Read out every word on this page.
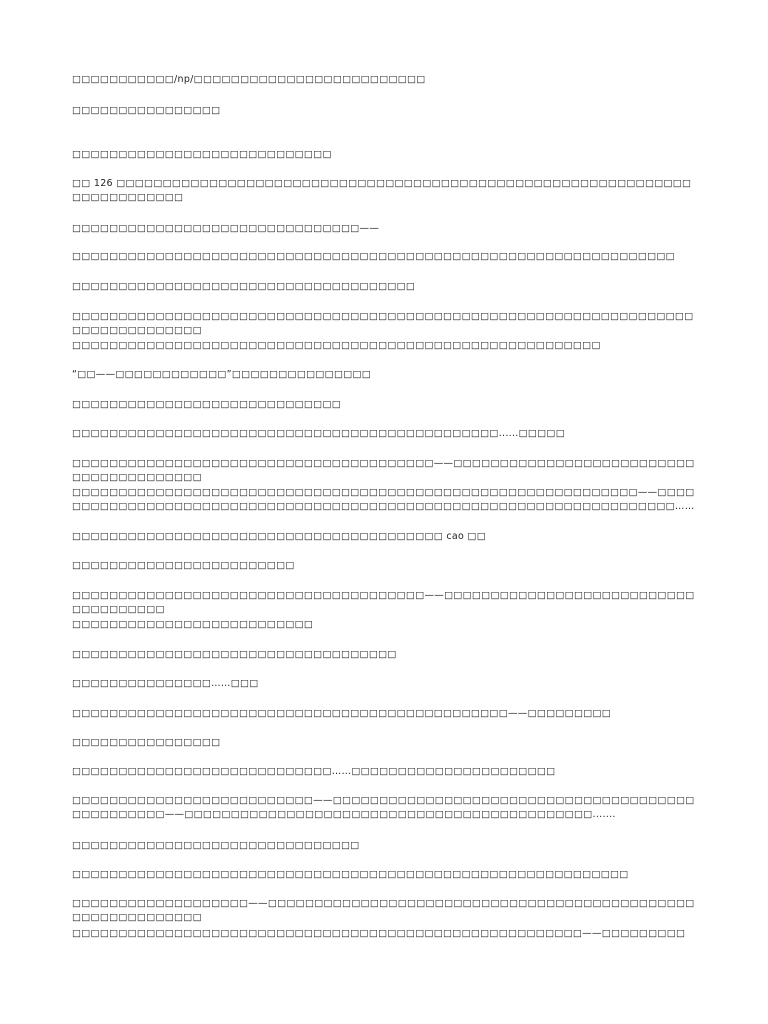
□□□□□□□□□□□/np/□□□□□□□□□□□□□□□□□□□□□□□□□

□□□□□□□□□□□□□□□□

□□□□□□□□□□□□□□□□□□□□□□□□□□□□

□□ 126 □□□□□□□□□□□□□□□□□□□□□□□□□□□□□□□□□□□□□□□□□□□□□□□□□□□□□□□□□□□□□□□□□□□□□□□□□□

□□□□□□□□□□□□□□□□□□□□□□□□□□□□□□□——

□□□□□□□□□□□□□□□□□□□□□□□□□□□□□□□□□□□□□□□□□□□□□□□□□□□□□□□□□□□□□□□□□

□□□□□□□□□□□□□□□□□□□□□□□□□□□□□□□□□□□□□

□□□□□□□□□□□□□□□□□□□□□□□□□□□□□□□□□□□□□□□□□□□□□□□□□□□□□□□□□□□□□□□□□□□□□□□□□□□□□□□□□

□□□□□□□□□□□□□□□□□□□□□□□□□□□□□□□□□□□□□□□□□□□□□□□□□□□□□□□□□

“□□——□□□□□□□□□□□□”□□□□□□□□□□□□□□□

□□□□□□□□□□□□□□□□□□□□□□□□□□□□□

□□□□□□□□□□□□□□□□□□□□□□□□□□□□□□□□□□□□□□□□□□□□□□......□□□□□

□□□□□□□□□□□□□□□□□□□□□□□□□□□□□□□□□□□□□□□——□□□□□□□□□□□□□□□□□□□□□□□□□□□□□□□□□□□□□□□□

□□□□□□□□□□□□□□□□□□□□□□□□□□□□□□□□□□□□□□□□□□□□□□□□□□□□□□□□□□□□□——□□□□□□□□□□□□□□□□□□□□□□□□□□□□□□□□□□□□□□□□□□□□□□□□□□□□□□□□□□□□□□□□□□□□□……

□□□□□□□□□□□□□□□□□□□□□□□□□□□□□□□□□□□□□□□□ cao □□

□□□□□□□□□□□□□□□□□□□□□□□□

□□□□□□□□□□□□□□□□□□□□□□□□□□□□□□□□□□□□□□——□□□□□□□□□□□□□□□□□□□□□□□□□□□□□□□□□□□□□

□□□□□□□□□□□□□□□□□□□□□□□□□□

□□□□□□□□□□□□□□□□□□□□□□□□□□□□□□□□□□□

□□□□□□□□□□□□□□□……□□□

□□□□□□□□□□□□□□□□□□□□□□□□□□□□□□□□□□□□□□□□□□□□□□□——□□□□□□□□□

□□□□□□□□□□□□□□□□

□□□□□□□□□□□□□□□□□□□□□□□□□□□□……□□□□□□□□□□□□□□□□□□□□□□

□□□□□□□□□□□□□□□□□□□□□□□□□□——□□□□□□□□□□□□□□□□□□□□□□□□□□□□□□□□□□□□□□□□□□□□□□□□□——□□□□□□□□□□□□□□□□□□□□□□□□□□□□□□□□□□□□□□□□□□□□.......

□□□□□□□□□□□□□□□□□□□□□□□□□□□□□□□

□□□□□□□□□□□□□□□□□□□□□□□□□□□□□□□□□□□□□□□□□□□□□□□□□□□□□□□□□□□□

□□□□□□□□□□□□□□□□□□□——□□□□□□□□□□□□□□□□□□□□□□□□□□□□□□□□□□□□□□□□□□□□□□□□□□□□□□□□□□□□

□□□□□□□□□□□□□□□□□□□□□□□□□□□□□□□□□□□□□□□□□□□□□□□□□□□□□□□——□□□□□□□□□
